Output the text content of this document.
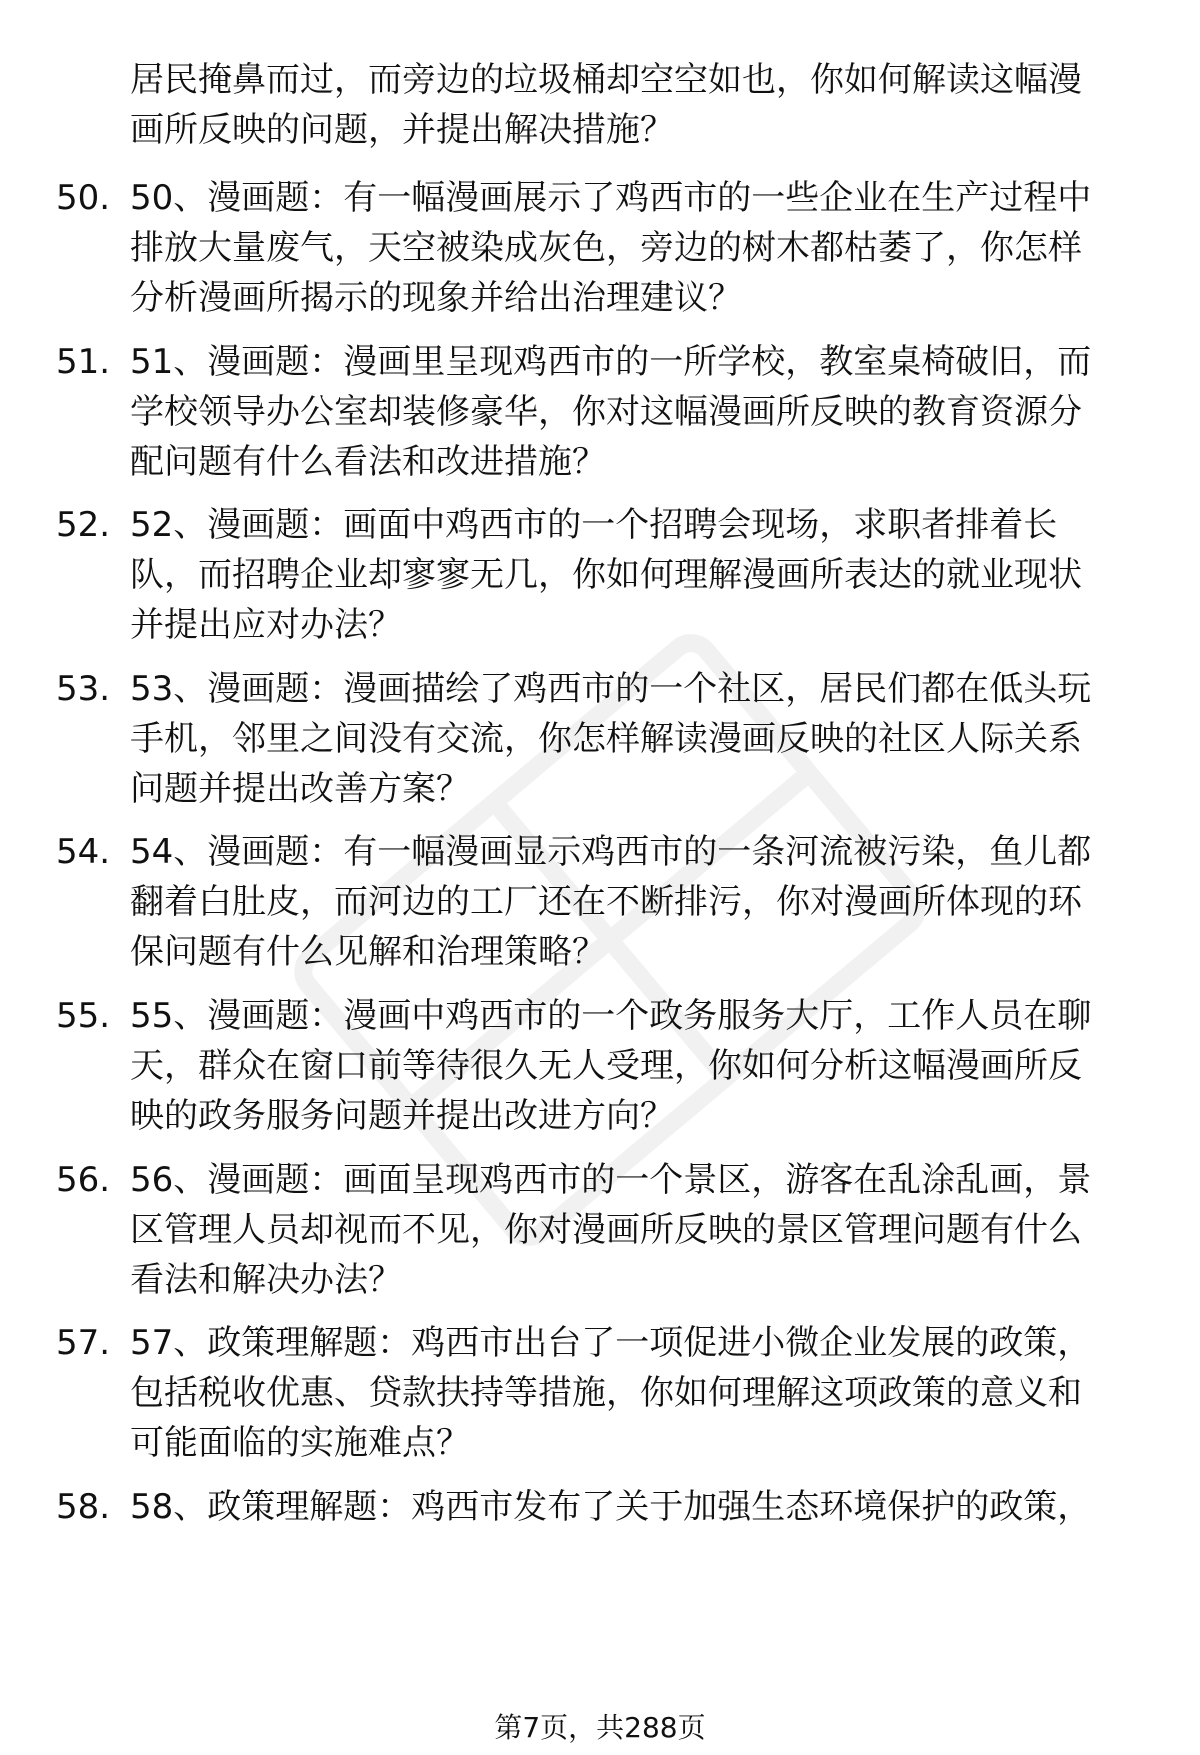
居民掩鼻而过，而旁边的垃圾桶却空空如也，你如何解读这幅漫
画所反映的问题，并提出解决措施？
50. 50、漫画题：有一幅漫画展示了鸡西市的一些企业在生产过程中
排放大量废气，天空被染成灰色，旁边的树木都枯萎了，你怎样
分析漫画所揭示的现象并给出治理建议？
51. 51、漫画题：漫画里呈现鸡西市的一所学校，教室桌椅破旧，而
学校领导办公室却装修豪华，你对这幅漫画所反映的教育资源分
配问题有什么看法和改进措施？
52. 52、漫画题：画面中鸡西市的一个招聘会现场，求职者排着长
队，而招聘企业却寥寥无几，你如何理解漫画所表达的就业现状
并提出应对办法？
53. 53、漫画题：漫画描绘了鸡西市的一个社区，居民们都在低头玩
手机，邻里之间没有交流，你怎样解读漫画反映的社区人际关系
问题并提出改善方案？
54. 54、漫画题：有一幅漫画显示鸡西市的一条河流被污染，鱼儿都
翻着白肚皮，而河边的工厂还在不断排污，你对漫画所体现的环
保问题有什么见解和治理策略？
55. 55、漫画题：漫画中鸡西市的一个政务服务大厅，工作人员在聊
天，群众在窗口前等待很久无人受理，你如何分析这幅漫画所反
映的政务服务问题并提出改进方向？
56. 56、漫画题：画面呈现鸡西市的一个景区，游客在乱涂乱画，景
区管理人员却视而不见，你对漫画所反映的景区管理问题有什么
看法和解决办法？
57. 57、政策理解题：鸡西市出台了一项促进小微企业发展的政策，
包括税收优惠、贷款扶持等措施，你如何理解这项政策的意义和
可能面临的实施难点？
58. 58、政策理解题：鸡西市发布了关于加强生态环境保护的政策，
第7页，共288页
